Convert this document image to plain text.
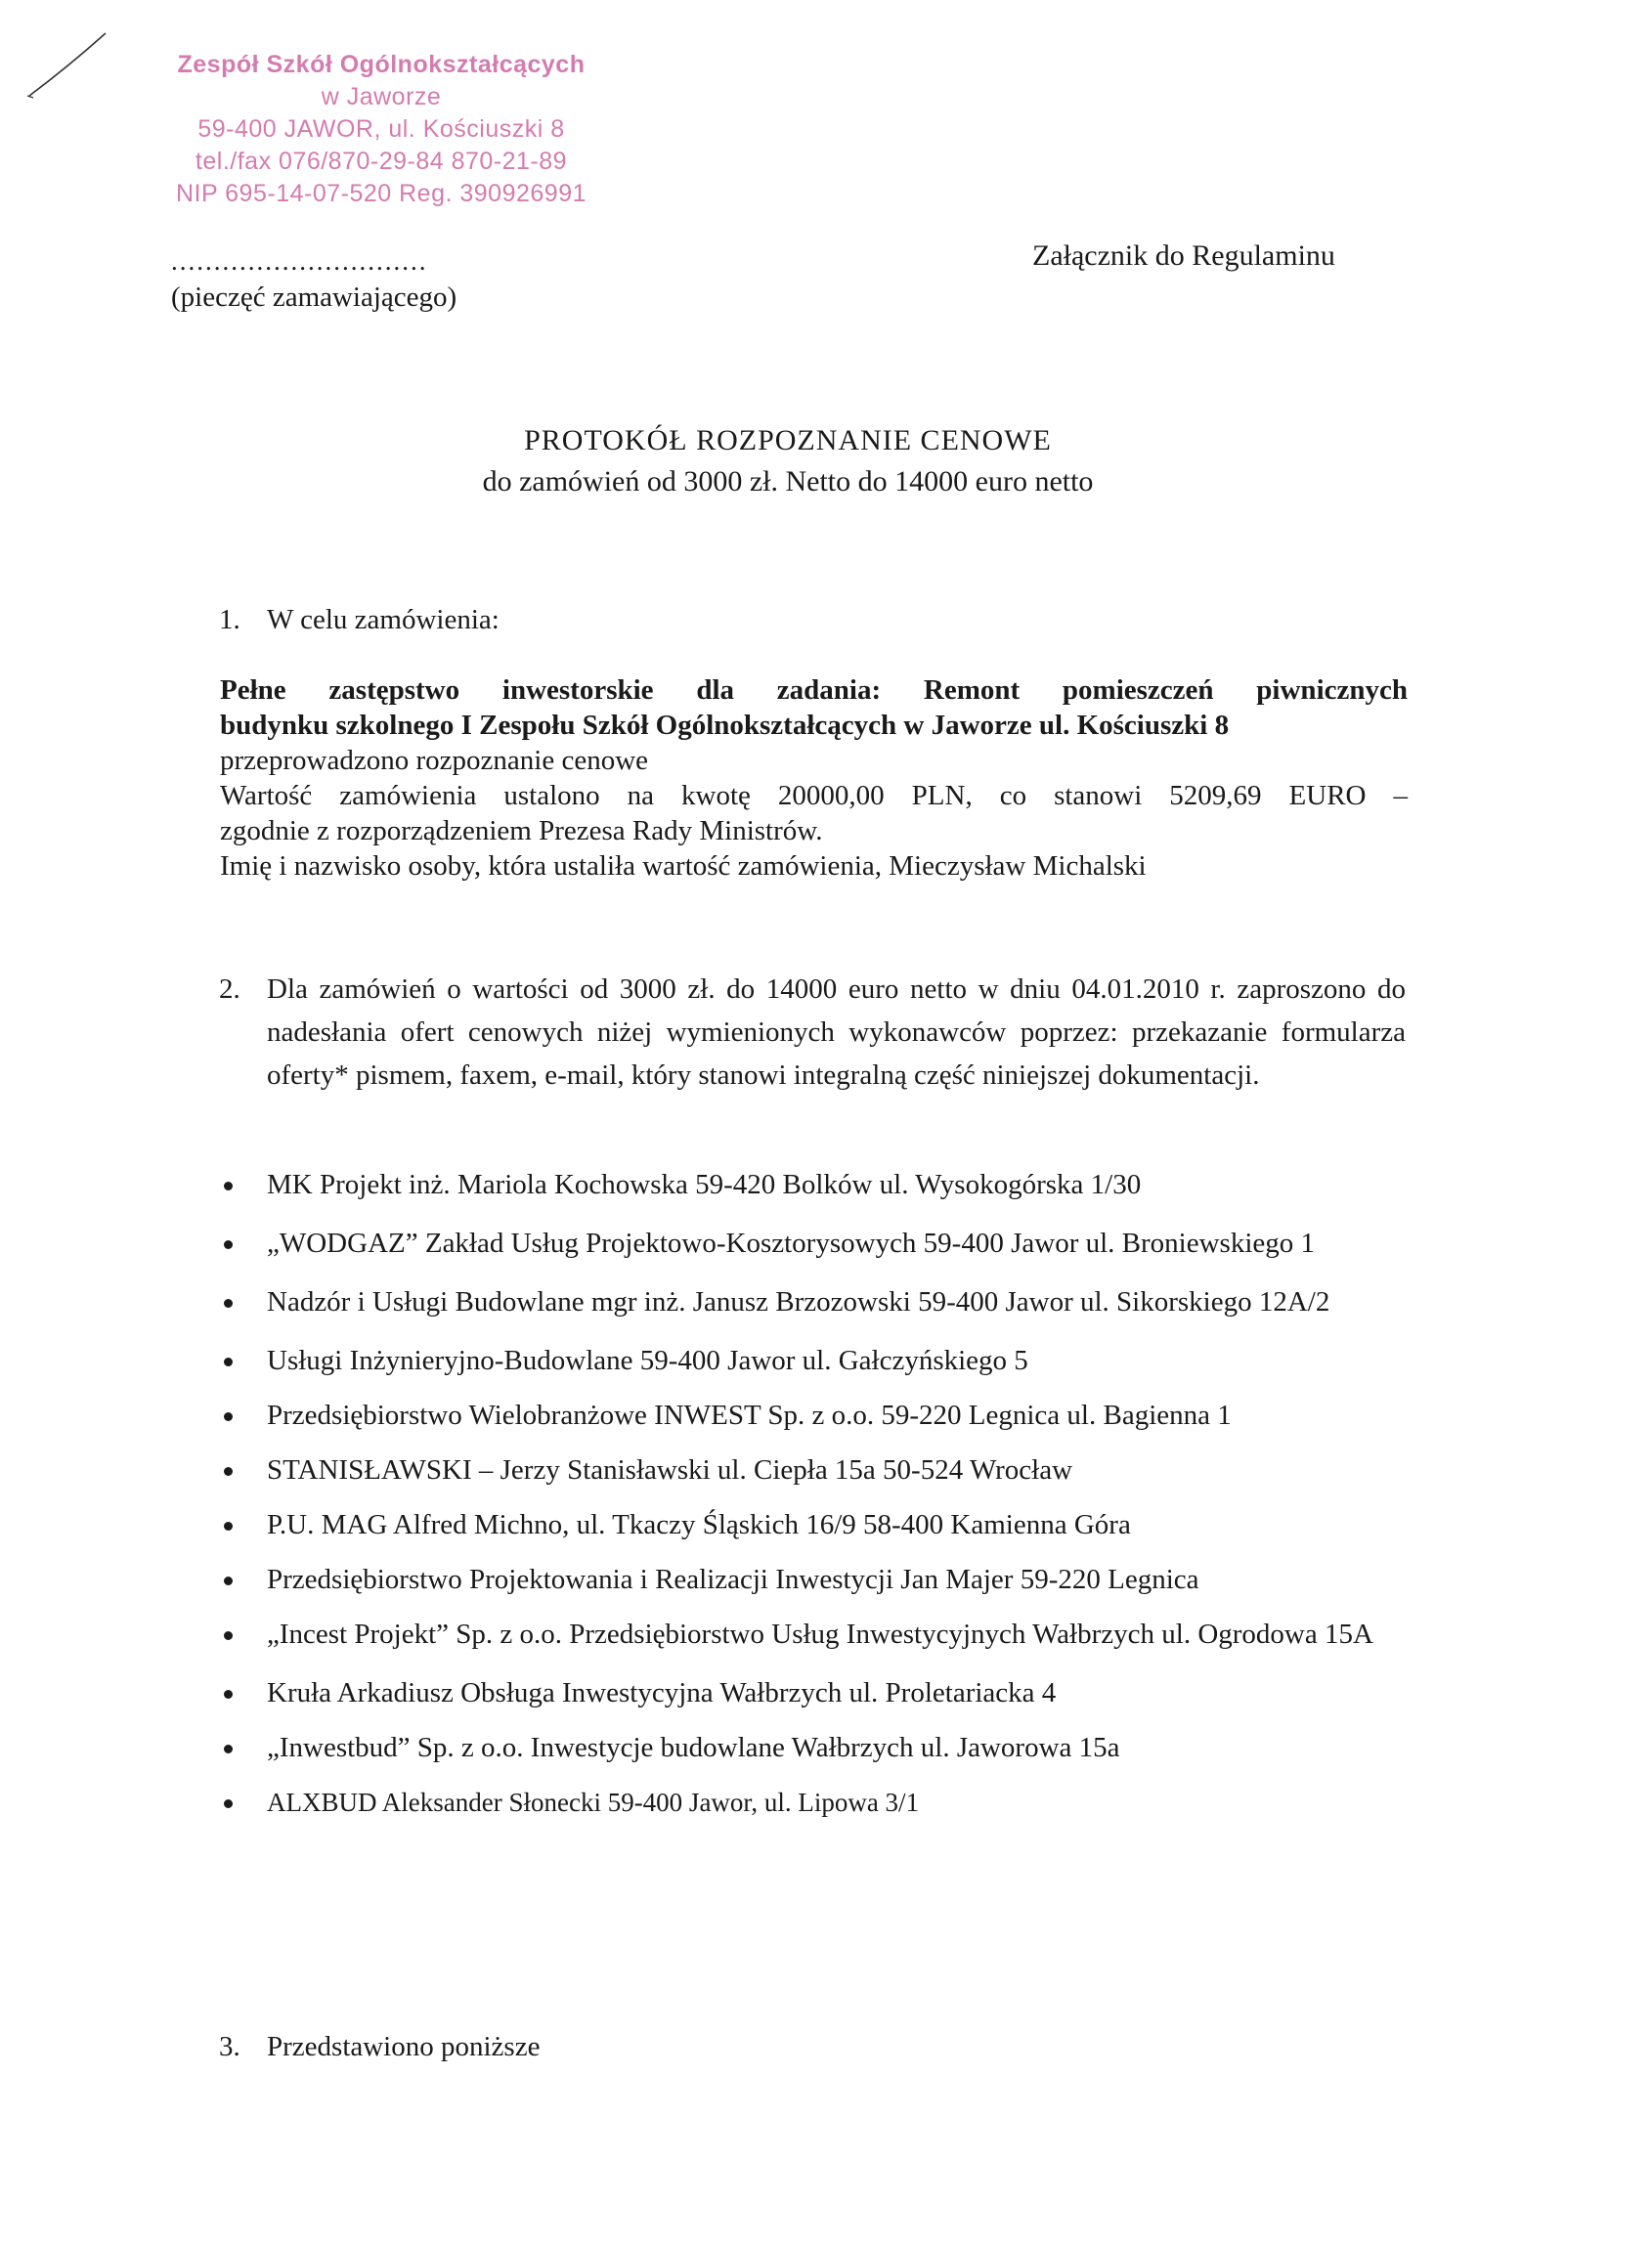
Zespół Szkół Ogólnokształcących
w Jaworze
59-400 JAWOR, ul. Kościuszki 8
tel./fax 076/870-29-84 870-21-89
NIP 695-14-07-520 Reg. 390926991
..............................
(pieczęć zamawiającego)
Załącznik do Regulaminu
PROTOKÓŁ ROZPOZNANIE CENOWE
do zamówień od 3000 zł. Netto do 14000 euro netto
1. W celu zamówienia:
Pełne zastępstwo inwestorskie dla zadania: Remont pomieszczeń piwnicznych
budynku szkolnego I Zespołu Szkół Ogólnokształcących w Jaworze ul. Kościuszki 8
przeprowadzono rozpoznanie cenowe
Wartość zamówienia ustalono na kwotę 20000,00 PLN, co stanowi 5209,69 EURO –
zgodnie z rozporządzeniem Prezesa Rady Ministrów.
Imię i nazwisko osoby, która ustaliła wartość zamówienia, Mieczysław Michalski
2. Dla zamówień o wartości od 3000 zł. do 14000 euro netto w dniu 04.01.2010 r. zaproszono do nadesłania ofert cenowych niżej wymienionych wykonawców poprzez: przekazanie formularza oferty* pismem, faxem, e-mail, który stanowi integralną część niniejszej dokumentacji.
MK Projekt inż. Mariola Kochowska 59-420 Bolków ul. Wysokogórska 1/30
„WODGAZ” Zakład Usług Projektowo-Kosztorysowych 59-400 Jawor ul. Broniewskiego 1
Nadzór i Usługi Budowlane mgr inż. Janusz Brzozowski 59-400 Jawor ul. Sikorskiego 12A/2
Usługi Inżynieryjno-Budowlane 59-400 Jawor ul. Gałczyńskiego 5
Przedsiębiorstwo Wielobranżowe INWEST Sp. z o.o. 59-220 Legnica ul. Bagienna 1
STANISŁAWSKI – Jerzy Stanisławski ul. Ciepła 15a 50-524 Wrocław
P.U. MAG Alfred Michno, ul. Tkaczy Śląskich 16/9 58-400 Kamienna Góra
Przedsiębiorstwo Projektowania i Realizacji Inwestycji Jan Majer 59-220 Legnica
„Incest Projekt” Sp. z o.o. Przedsiębiorstwo Usług Inwestycyjnych Wałbrzych ul. Ogrodowa 15A
Kruła Arkadiusz Obsługa Inwestycyjna Wałbrzych ul. Proletariacka 4
„Inwestbud” Sp. z o.o. Inwestycje budowlane Wałbrzych ul. Jaworowa 15a
ALXBUD Aleksander Słonecki 59-400 Jawor, ul. Lipowa 3/1
3. Przedstawiono poniższe
